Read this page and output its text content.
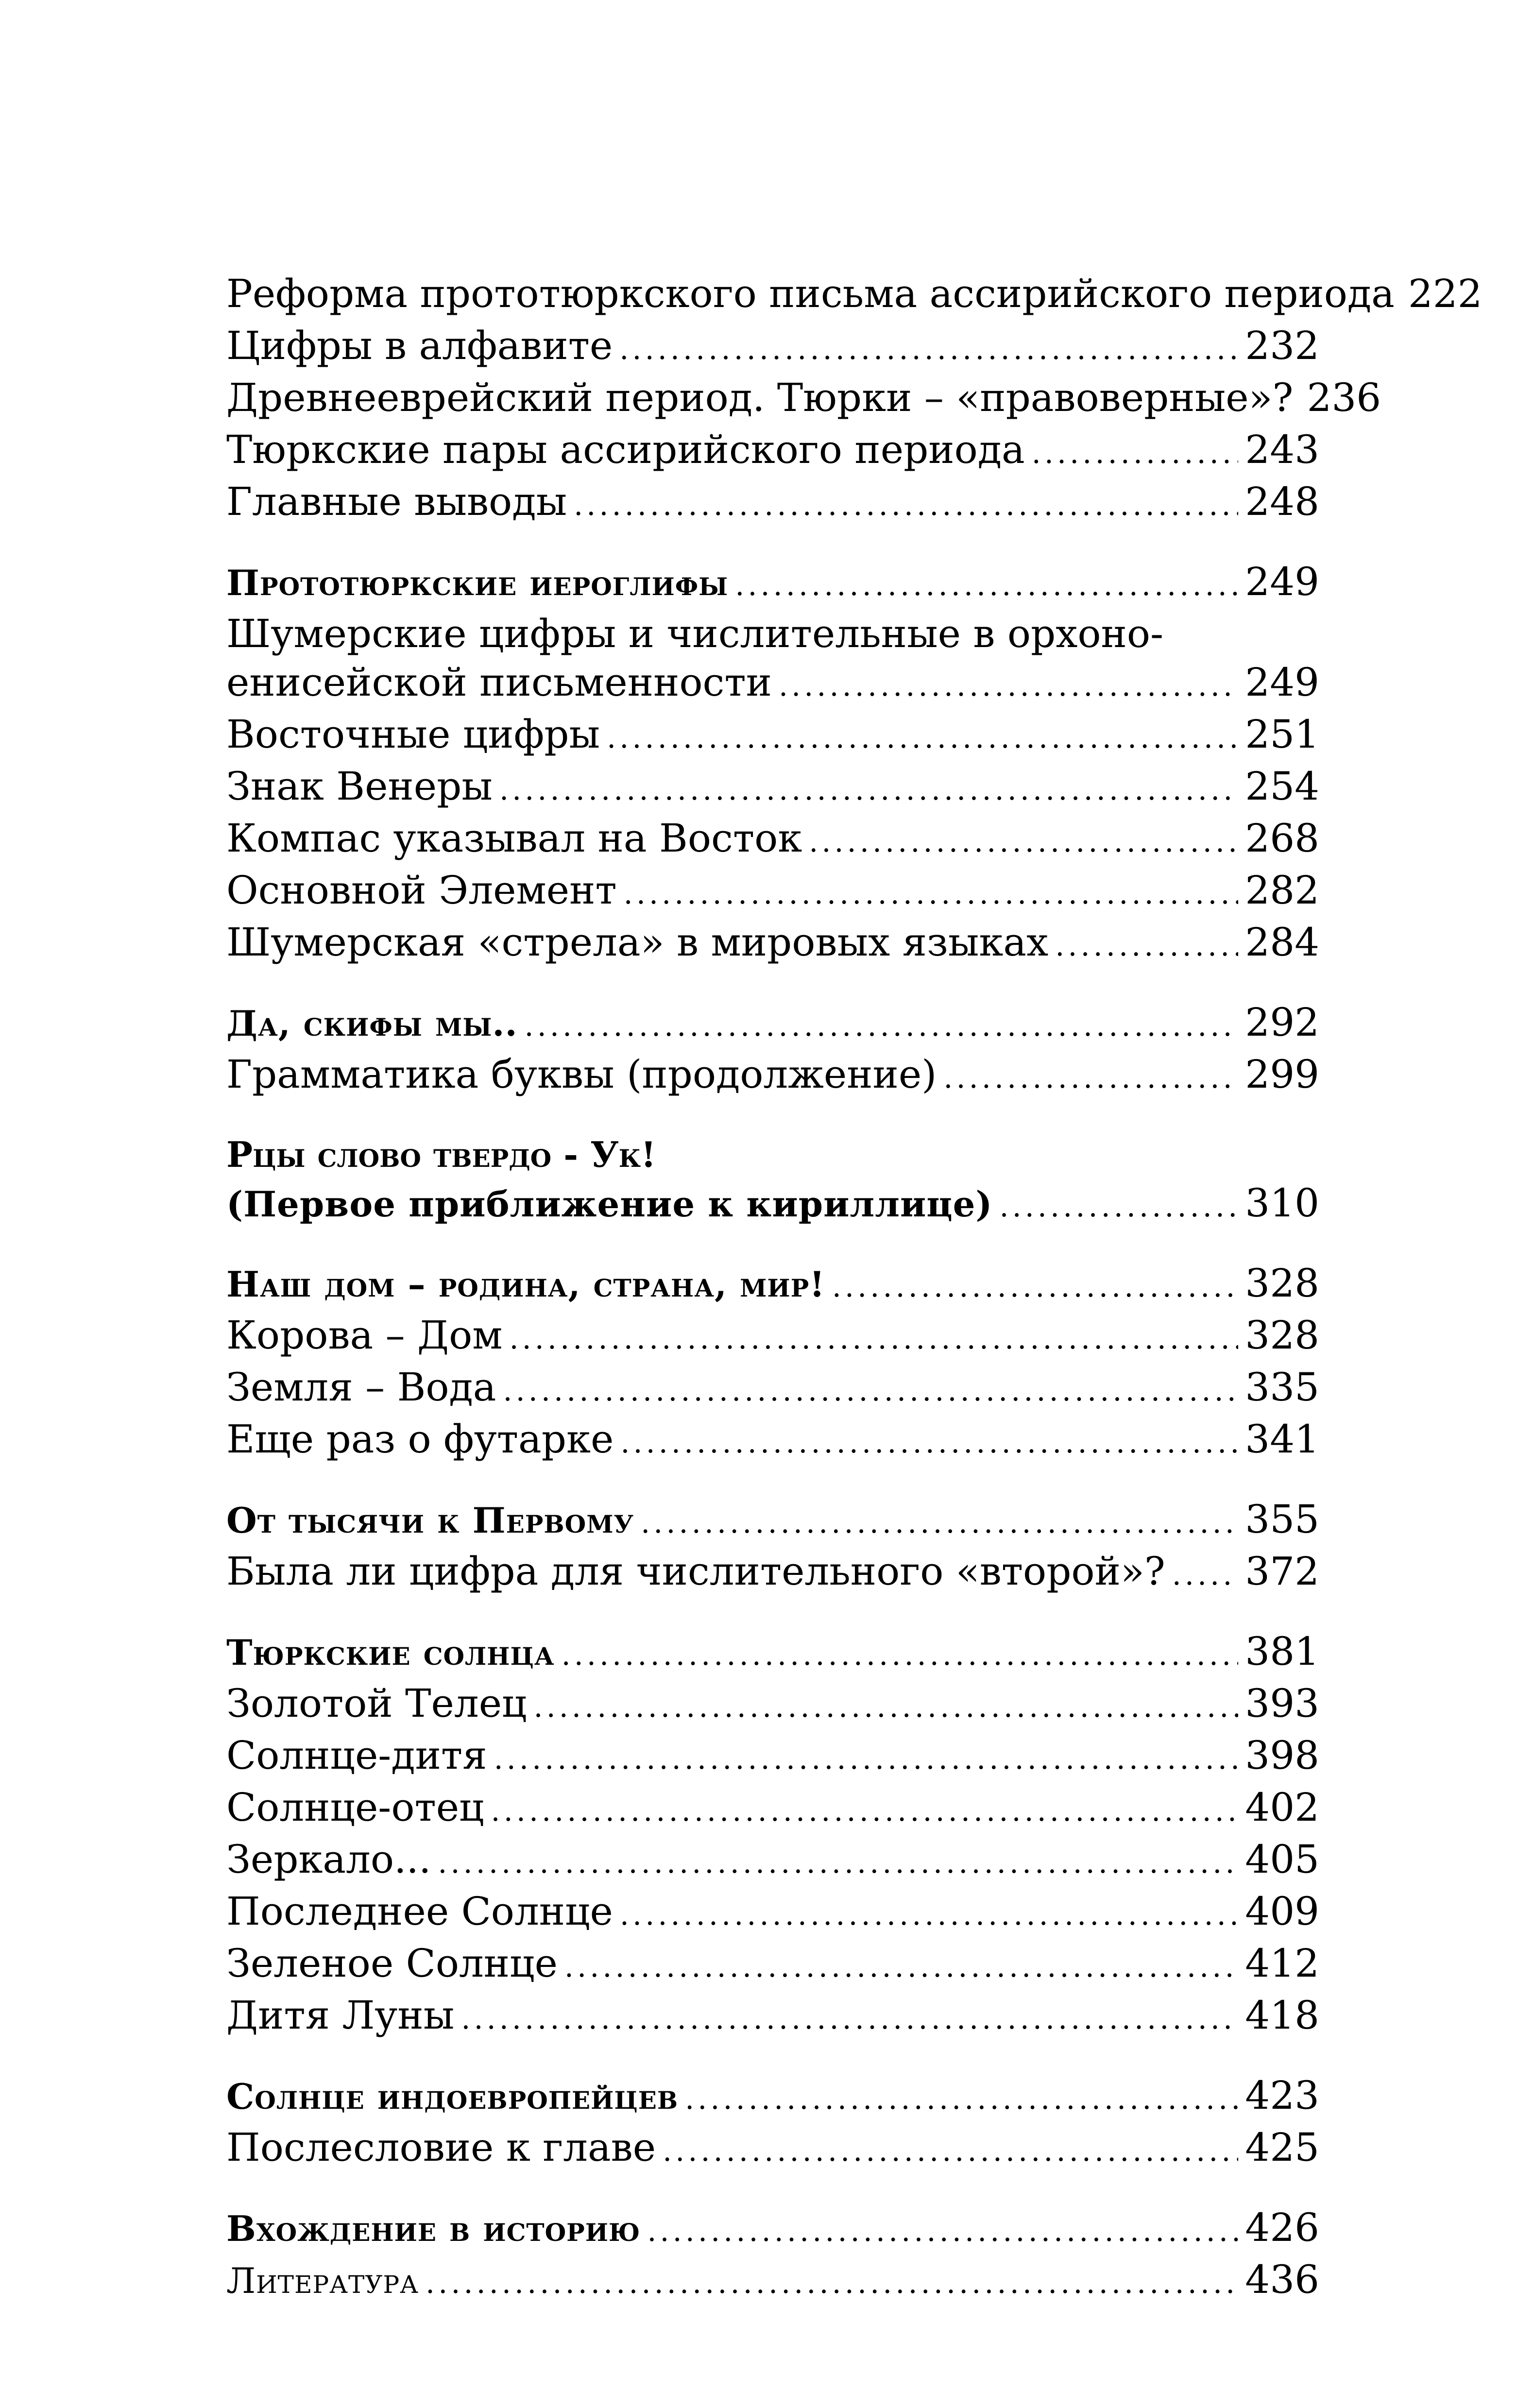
Реформа прототюркского письма ассирийского периода 222
Цифры в алфавите . . .	232
Древнееврейский период. Тюрки – «правоверные»? 236
Тюркские пары ассирийского периода . . .	243
Главные выводы . . .	248
Прототюркские иероглифы . . .	249
Шумерские цифры и числительные в орхоно-
енисейской письменности . . .	249
Восточные цифры . . .	251
Знак Венеры . . .	254
Компас указывал на Восток . . .	268
Основной Элемент . . .	282
Шумерская «стрела» в мировых языках . . .	284
Да, скифы мы.. . . .	292
Грамматика буквы (продолжение) . . .	299
Рцы слово твердо - Ук!
(Первое приближение к кириллице) . . .	310
Наш дом – родина, страна, мир! . . .	328
Корова – Дом . . .	328
Земля – Вода . . .	335
Еще раз о футарке . . .	341
От тысячи к Первому . . .	355
Была ли цифра для числительного «второй»? . . . 372
Тюркские солнца . . .	381
Золотой Телец . . .	393
Солнце-дитя . . .	398
Солнце-отец . . .	402
Зеркало... . . .	405
Последнее Солнце . . .	409
Зеленое Солнце . . .	412
Дитя Луны . . .	418
Солнце индоевропейцев . . .	423
Послесловие к главе . . .	425
Вхождение в историю . . .	426
Литература . . .	436
